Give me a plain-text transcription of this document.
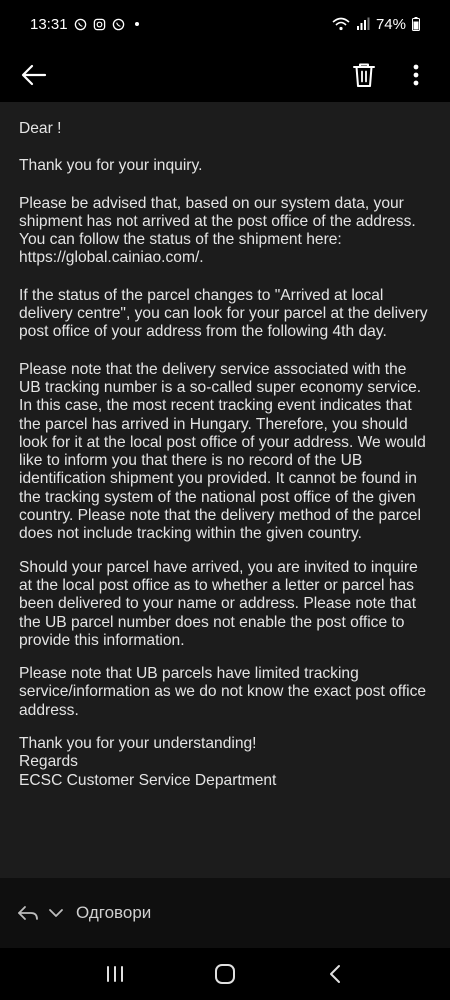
13:31	74%

Dear !

Thank you for your inquiry.

Please be advised that, based on our system data, your shipment has not arrived at the post office of the address. You can follow the status of the shipment here: https://global.cainiao.com/.

If the status of the parcel changes to "Arrived at local delivery centre", you can look for your parcel at the delivery post office of your address from the following 4th day.

Please note that the delivery service associated with the UB tracking number is a so-called super economy service. In this case, the most recent tracking event indicates that the parcel has arrived in Hungary. Therefore, you should look for it at the local post office of your address. We would like to inform you that there is no record of the UB identification shipment you provided. It cannot be found in the tracking system of the national post office of the given country. Please note that the delivery method of the parcel does not include tracking within the given country.

Should your parcel have arrived, you are invited to inquire at the local post office as to whether a letter or parcel has been delivered to your name or address. Please note that the UB parcel number does not enable the post office to provide this information.

Please note that UB parcels have limited tracking service/information as we do not know the exact post office address.

Thank you for your understanding!
Regards
ECSC Customer Service Department

Одговори
